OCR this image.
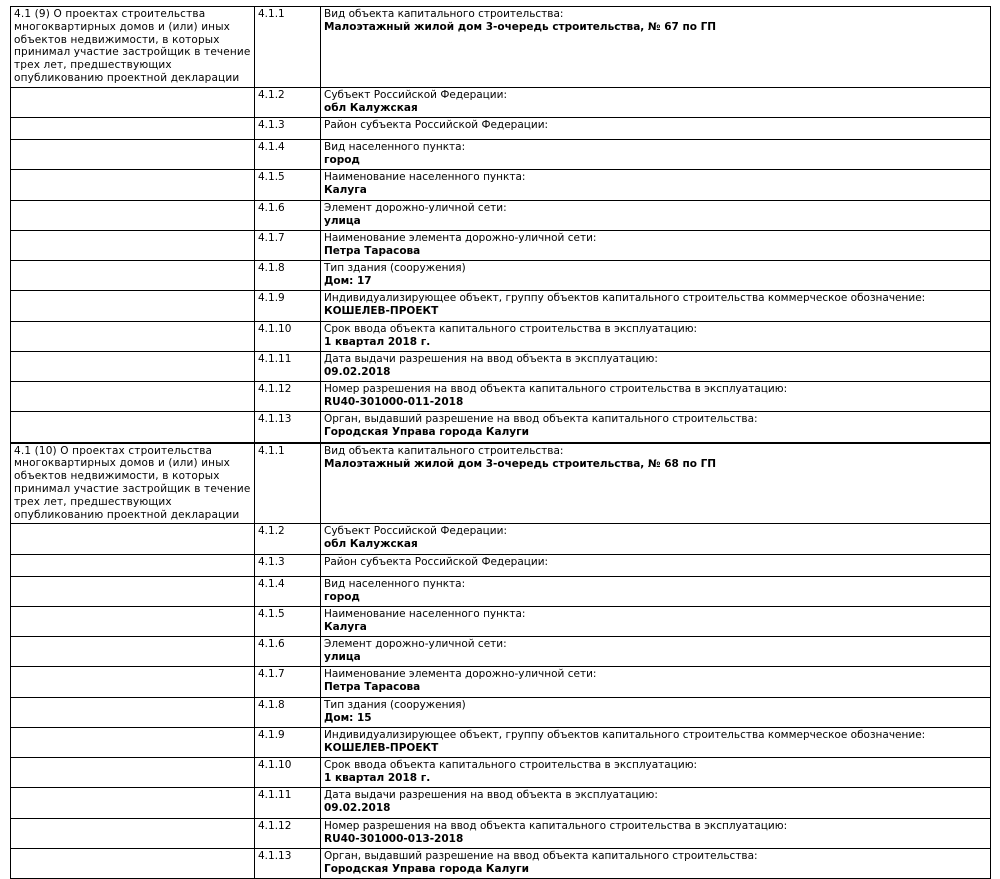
4.1 (9) О проектах строительства многоквартирных домов и (или) иных объектов недвижимости, в которых принимал участие застройщик в течение трех лет, предшествующих опубликованию проектной декларации	4.1.1	Вид объекта капитального строительства:
Малоэтажный жилой дом 3-очередь строительства, № 67 по ГП

	4.1.2	Субъект Российской Федерации:
обл Калужская

	4.1.3	Район субъекта Российской Федерации:

	4.1.4	Вид населенного пункта:
город

	4.1.5	Наименование населенного пункта:
Калуга

	4.1.6	Элемент дорожно-уличной сети:
улица

	4.1.7	Наименование элемента дорожно-уличной сети:
Петра Тарасова

	4.1.8	Тип здания (сооружения)
Дом: 17

	4.1.9	Индивидуализирующее объект, группу объектов капитального строительства коммерческое обозначение:
КОШЕЛЕВ-ПРОЕКТ

	4.1.10	Срок ввода объекта капитального строительства в эксплуатацию:
1 квартал 2018 г.

	4.1.11	Дата выдачи разрешения на ввод объекта в эксплуатацию:
09.02.2018

	4.1.12	Номер разрешения на ввод объекта капитального строительства в эксплуатацию:
RU40-301000-011-2018

	4.1.13	Орган, выдавший разрешение на ввод объекта капитального строительства:
Городская Управа города Калуги
4.1 (10) О проектах строительства многоквартирных домов и (или) иных объектов недвижимости, в которых принимал участие застройщик в течение трех лет, предшествующих опубликованию проектной декларации	4.1.1	Вид объекта капитального строительства:
Малоэтажный жилой дом 3-очередь строительства, № 68 по ГП

	4.1.2	Субъект Российской Федерации:
обл Калужская

	4.1.3	Район субъекта Российской Федерации:

	4.1.4	Вид населенного пункта:
город

	4.1.5	Наименование населенного пункта:
Калуга

	4.1.6	Элемент дорожно-уличной сети:
улица

	4.1.7	Наименование элемента дорожно-уличной сети:
Петра Тарасова

	4.1.8	Тип здания (сооружения)
Дом: 15

	4.1.9	Индивидуализирующее объект, группу объектов капитального строительства коммерческое обозначение:
КОШЕЛЕВ-ПРОЕКТ

	4.1.10	Срок ввода объекта капитального строительства в эксплуатацию:
1 квартал 2018 г.

	4.1.11	Дата выдачи разрешения на ввод объекта в эксплуатацию:
09.02.2018

	4.1.12	Номер разрешения на ввод объекта капитального строительства в эксплуатацию:
RU40-301000-013-2018

	4.1.13	Орган, выдавший разрешение на ввод объекта капитального строительства:
Городская Управа города Калуги
